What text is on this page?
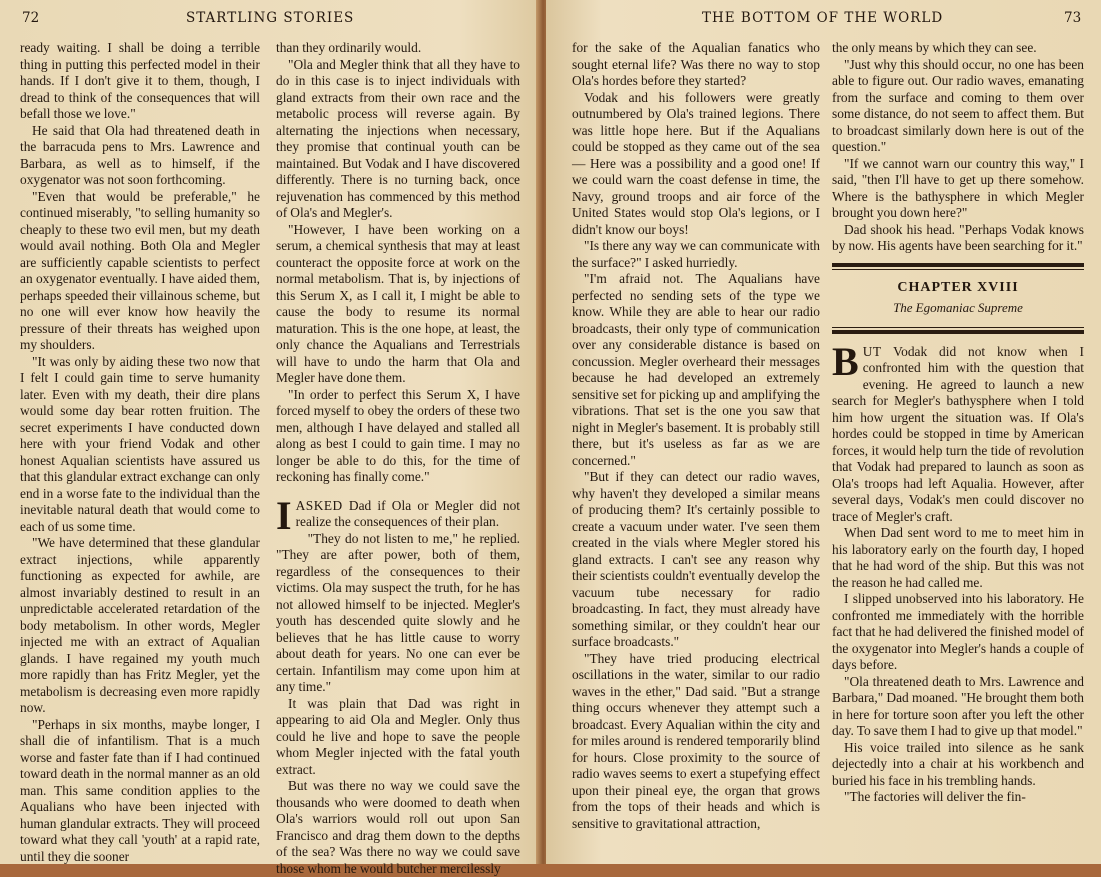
72	STARTLING STORIES

ready waiting. I shall be doing a terrible thing in putting this perfected model in their hands. If I don't give it to them, though, I dread to think of the consequences that will befall those we love."

He said that Ola had threatened death in the barracuda pens to Mrs. Lawrence and Barbara, as well as to himself, if the oxygenator was not soon forthcoming.

"Even that would be preferable," he continued miserably, "to selling humanity so cheaply to these two evil men, but my death would avail nothing. Both Ola and Megler are sufficiently capable scientists to perfect an oxygenator eventually. I have aided them, perhaps speeded their villainous scheme, but no one will ever know how heavily the pressure of their threats has weighed upon my shoulders.

"It was only by aiding these two now that I felt I could gain time to serve humanity later. Even with my death, their dire plans would some day bear rotten fruition. The secret experiments I have conducted down here with your friend Vodak and other honest Aqualian scientists have assured us that this glandular extract exchange can only end in a worse fate to the individual than the inevitable natural death that would come to each of us some time.

"We have determined that these glandular extract injections, while apparently functioning as expected for awhile, are almost invariably destined to result in an unpredictable accelerated retardation of the body metabolism. In other words, Megler injected me with an extract of Aqualian glands. I have regained my youth much more rapidly than has Fritz Megler, yet the metabolism is decreasing even more rapidly now.

"Perhaps in six months, maybe longer, I shall die of infantilism. That is a much worse and faster fate than if I had continued toward death in the normal manner as an old man. This same condition applies to the Aqualians who have been injected with human glandular extracts. They will proceed toward what they call 'youth' at a rapid rate, until they die sooner

than they ordinarily would.

"Ola and Megler think that all they have to do in this case is to inject individuals with gland extracts from their own race and the metabolic process will reverse again. By alternating the injections when necessary, they promise that continual youth can be maintained. But Vodak and I have discovered differently. There is no turning back, once rejuvenation has commenced by this method of Ola's and Megler's.

"However, I have been working on a serum, a chemical synthesis that may at least counteract the opposite force at work on the normal metabolism. That is, by injections of this Serum X, as I call it, I might be able to cause the body to resume its normal maturation. This is the one hope, at least, the only chance the Aqualians and Terrestrials will have to undo the harm that Ola and Megler have done them.

"In order to perfect this Serum X, I have forced myself to obey the orders of these two men, although I have delayed and stalled all along as best I could to gain time. I may no longer be able to do this, for the time of reckoning has finally come."

IASKED Dad if Ola or Megler did not realize the consequences of their plan.

"They do not listen to me," he replied. "They are after power, both of them, regardless of the consequences to their victims. Ola may suspect the truth, for he has not allowed himself to be injected. Megler's youth has descended quite slowly and he believes that he has little cause to worry about death for years. No one can ever be certain. Infantilism may come upon him at any time."

It was plain that Dad was right in appearing to aid Ola and Megler. Only thus could he live and hope to save the people whom Megler injected with the fatal youth extract.

But was there no way we could save the thousands who were doomed to death when Ola's warriors would roll out upon San Francisco and drag them down to the depths of the sea? Was there no way we could save those whom he would butcher mercilessly

THE BOTTOM OF THE WORLD	73

for the sake of the Aqualian fanatics who sought eternal life? Was there no way to stop Ola's hordes before they started?

Vodak and his followers were greatly outnumbered by Ola's trained legions. There was little hope here. But if the Aqualians could be stopped as they came out of the sea— Here was a possibility and a good one! If we could warn the coast defense in time, the Navy, ground troops and air force of the United States would stop Ola's legions, or I didn't know our boys!

"Is there any way we can communicate with the surface?" I asked hurriedly.

"I'm afraid not. The Aqualians have perfected no sending sets of the type we know. While they are able to hear our radio broadcasts, their only type of communication over any considerable distance is based on concussion. Megler overheard their messages because he had developed an extremely sensitive set for picking up and amplifying the vibrations. That set is the one you saw that night in Megler's basement. It is probably still there, but it's useless as far as we are concerned."

"But if they can detect our radio waves, why haven't they developed a similar means of producing them? It's certainly possible to create a vacuum under water. I've seen them created in the vials where Megler stored his gland extracts. I can't see any reason why their scientists couldn't eventually develop the vacuum tube necessary for radio broadcasting. In fact, they must already have something similar, or they couldn't hear our surface broadcasts."

"They have tried producing electrical oscillations in the water, similar to our radio waves in the ether," Dad said. "But a strange thing occurs whenever they attempt such a broadcast. Every Aqualian within the city and for miles around is rendered temporarily blind for hours. Close proximity to the source of radio waves seems to exert a stupefying effect upon their pineal eye, the organ that grows from the tops of their heads and which is sensitive to gravitational attraction,

the only means by which they can see.

"Just why this should occur, no one has been able to figure out. Our radio waves, emanating from the surface and coming to them over some distance, do not seem to affect them. But to broadcast similarly down here is out of the question."

"If we cannot warn our country this way," I said, "then I'll have to get up there somehow. Where is the bathysphere in which Megler brought you down here?"

Dad shook his head. "Perhaps Vodak knows by now. His agents have been searching for it."

CHAPTER XVIII
The Egomaniac Supreme

BUT Vodak did not know when I confronted him with the question that evening. He agreed to launch a new search for Megler's bathysphere when I told him how urgent the situation was. If Ola's hordes could be stopped in time by American forces, it would help turn the tide of revolution that Vodak had prepared to launch as soon as Ola's troops had left Aqualia. However, after several days, Vodak's men could discover no trace of Megler's craft.

When Dad sent word to me to meet him in his laboratory early on the fourth day, I hoped that he had word of the ship. But this was not the reason he had called me.

I slipped unobserved into his laboratory. He confronted me immediately with the horrible fact that he had delivered the finished model of the oxygenator into Megler's hands a couple of days before.

"Ola threatened death to Mrs. Lawrence and Barbara," Dad moaned. "He brought them both in here for torture soon after you left the other day. To save them I had to give up that model."

His voice trailed into silence as he sank dejectedly into a chair at his workbench and buried his face in his trembling hands.

"The factories will deliver the fin-
